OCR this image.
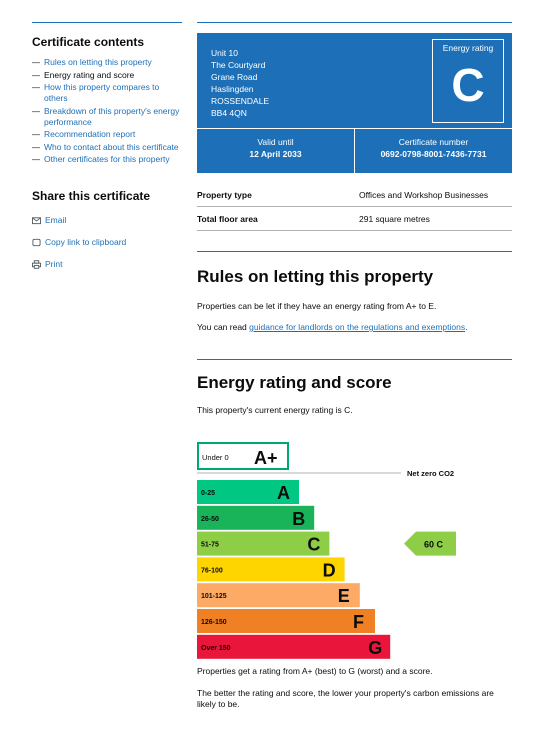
Certificate contents
— Rules on letting this property
— Energy rating and score
— How this property compares to others
— Breakdown of this property's energy performance
— Recommendation report
— Who to contact about this certificate
— Other certificates for this property
Share this certificate
Email
Copy link to clipboard
Print
Unit 10
The Courtyard
Grane Road
Haslingden
ROSSENDALE
BB4 4QN
Energy rating
C
Valid until
12 April 2033
Certificate number
0692-0798-8001-7436-7731
Property type	Offices and Workshop Businesses
Total floor area	291 square metres
Rules on letting this property

Properties can be let if they have an energy rating from A+ to E.

You can read guidance for landlords on the regulations and exemptions.

Energy rating and score

This property's current energy rating is C.

Under 0 A+
Net zero CO2
0-25	A
26-50	B
51-75	C
76-100	D
101-125	E
126-150	F
Over 150	G
60 C

Properties get a rating from A+ (best) to G (worst) and a score.

The better the rating and score, the lower your property's carbon emissions are likely to be.
